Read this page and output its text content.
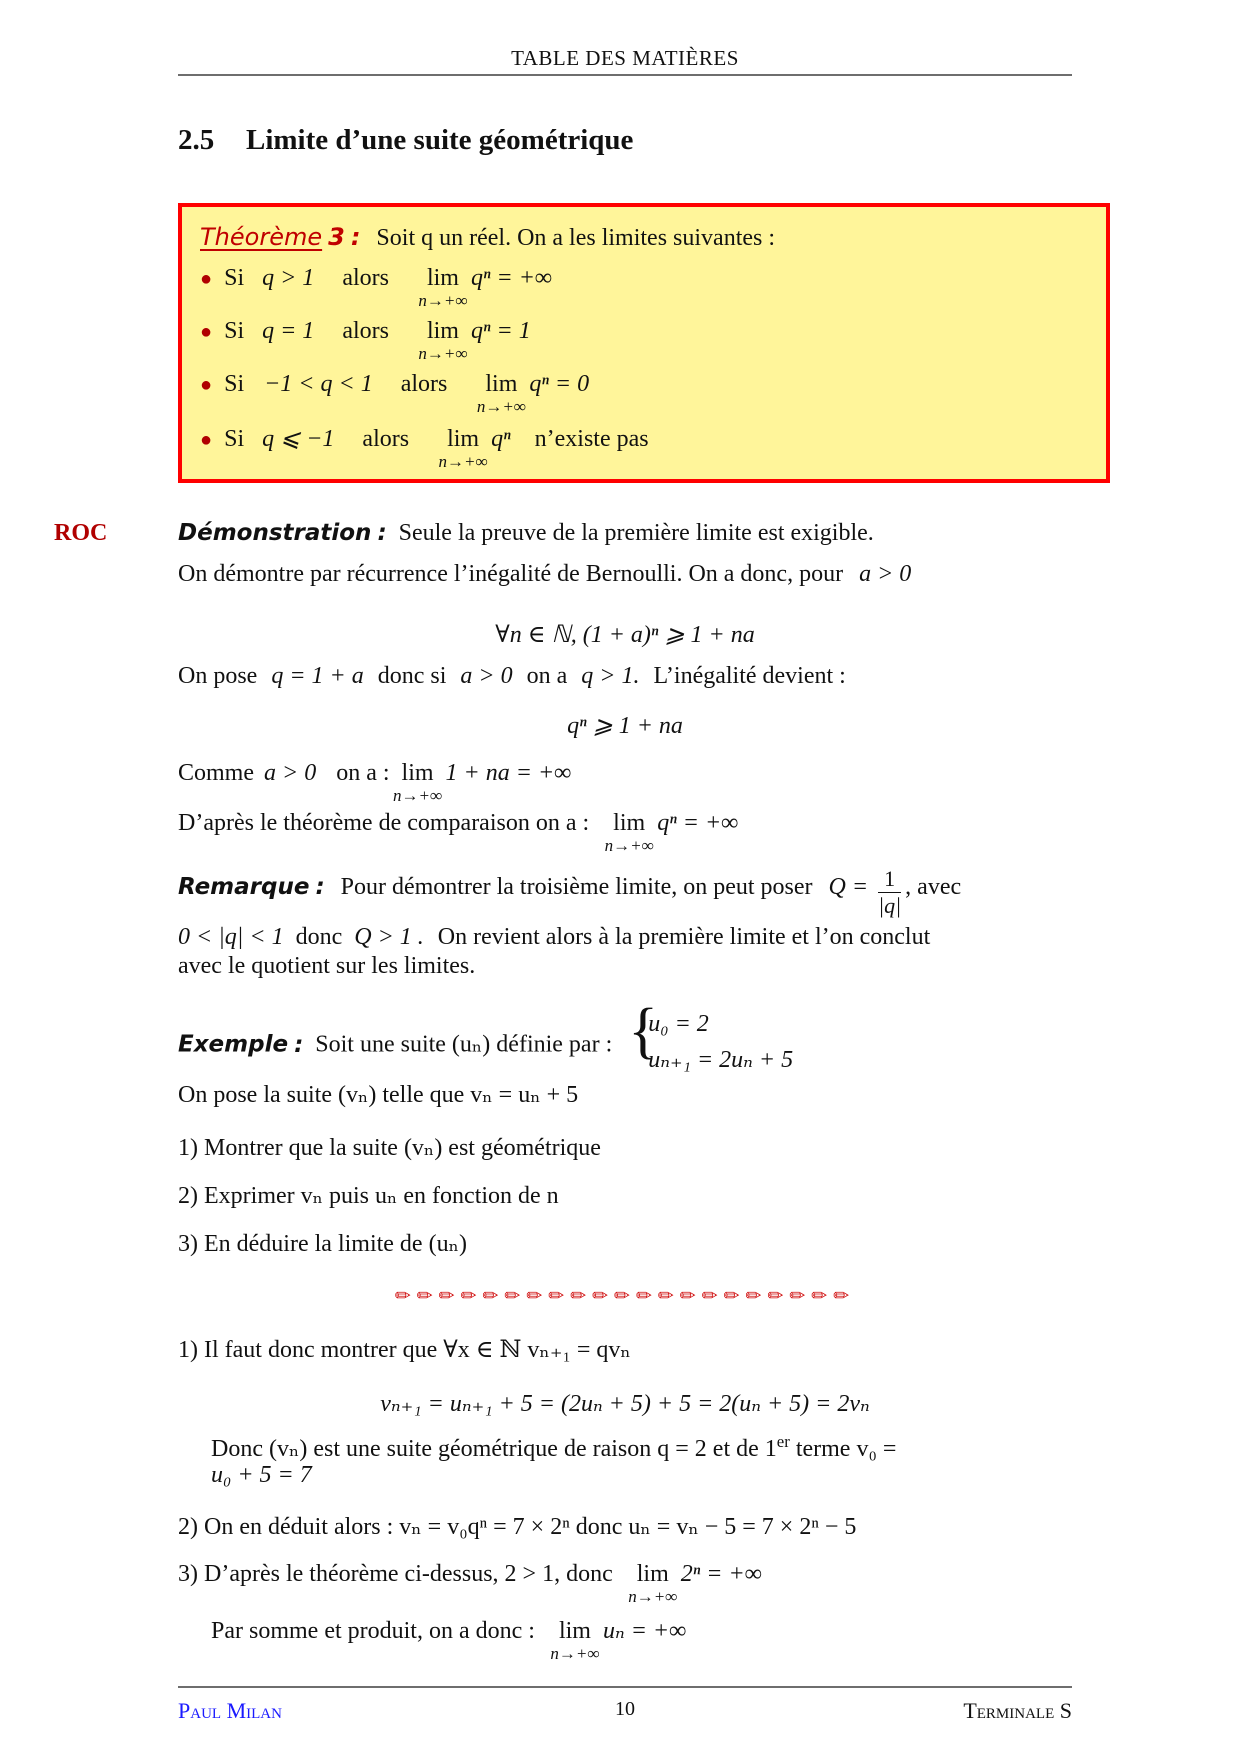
TABLE DES MATIÈRES
2.5 Limite d’une suite géométrique
Théorème 3 : Soit q un réel. On a les limites suivantes :
● Si q > 1 alors lim
n→+∞
qⁿ = +∞
● Si q = 1 alors lim
n→+∞
qⁿ = 1
● Si −1 < q < 1 alors lim
n→+∞
qⁿ = 0
● Si q ⩽ −1 alors lim
n→+∞
qⁿ n’existe pas
ROC	Démonstration : Seule la preuve de la première limite est exigible.
On démontre par récurrence l’inégalité de Bernoulli. On a donc, pour a > 0
∀n ∈ ℕ, (1 + a)ⁿ ⩾ 1 + na
On pose q = 1 + a donc si a > 0 on a q > 1. L’inégalité devient :
qⁿ ⩾ 1 + na
Comme a > 0 on a : lim
n→+∞
1 + na = +∞
D’après le théorème de comparaison on a : lim
n→+∞
qⁿ = +∞
Remarque : Pour démontrer la troisième limite, on peut poser $Q = \frac{1}{|q|}$ , avec
0 < |q| < 1 donc Q > 1 . On revient alors à la première limite et l’on conclut
avec le quotient sur les limites.
Exemple : Soit une suite (uₙ) définie par : {
u₀ = 2
uₙ₊₁ = 2uₙ + 5
On pose la suite (vₙ) telle que vₙ = uₙ + 5
1) Montrer que la suite (vₙ) est géométrique
2) Exprimer vₙ puis uₙ en fonction de n
3) En déduire la limite de (uₙ)
✏✏✏✏✏✏✏✏✏✏✏✏✏✏✏✏✏✏✏✏✏
1) Il faut donc montrer que ∀x ∈ ℕ vₙ₊₁ = qvₙ
vₙ₊₁ = uₙ₊₁ + 5 = (2uₙ + 5) + 5 = 2(uₙ + 5) = 2vₙ
Donc (vₙ) est une suite géométrique de raison q = 2 et de 1er terme v₀ =
u₀ + 5 = 7
2) On en déduit alors : vₙ = v₀qⁿ = 7 × 2ⁿ donc uₙ = vₙ − 5 = 7 × 2ⁿ − 5
3) D’après le théorème ci-dessus, 2 > 1, donc lim
n→+∞
2ⁿ = +∞
Par somme et produit, on a donc : lim
n→+∞
uₙ = +∞
Paul Milan	10	Terminale S
